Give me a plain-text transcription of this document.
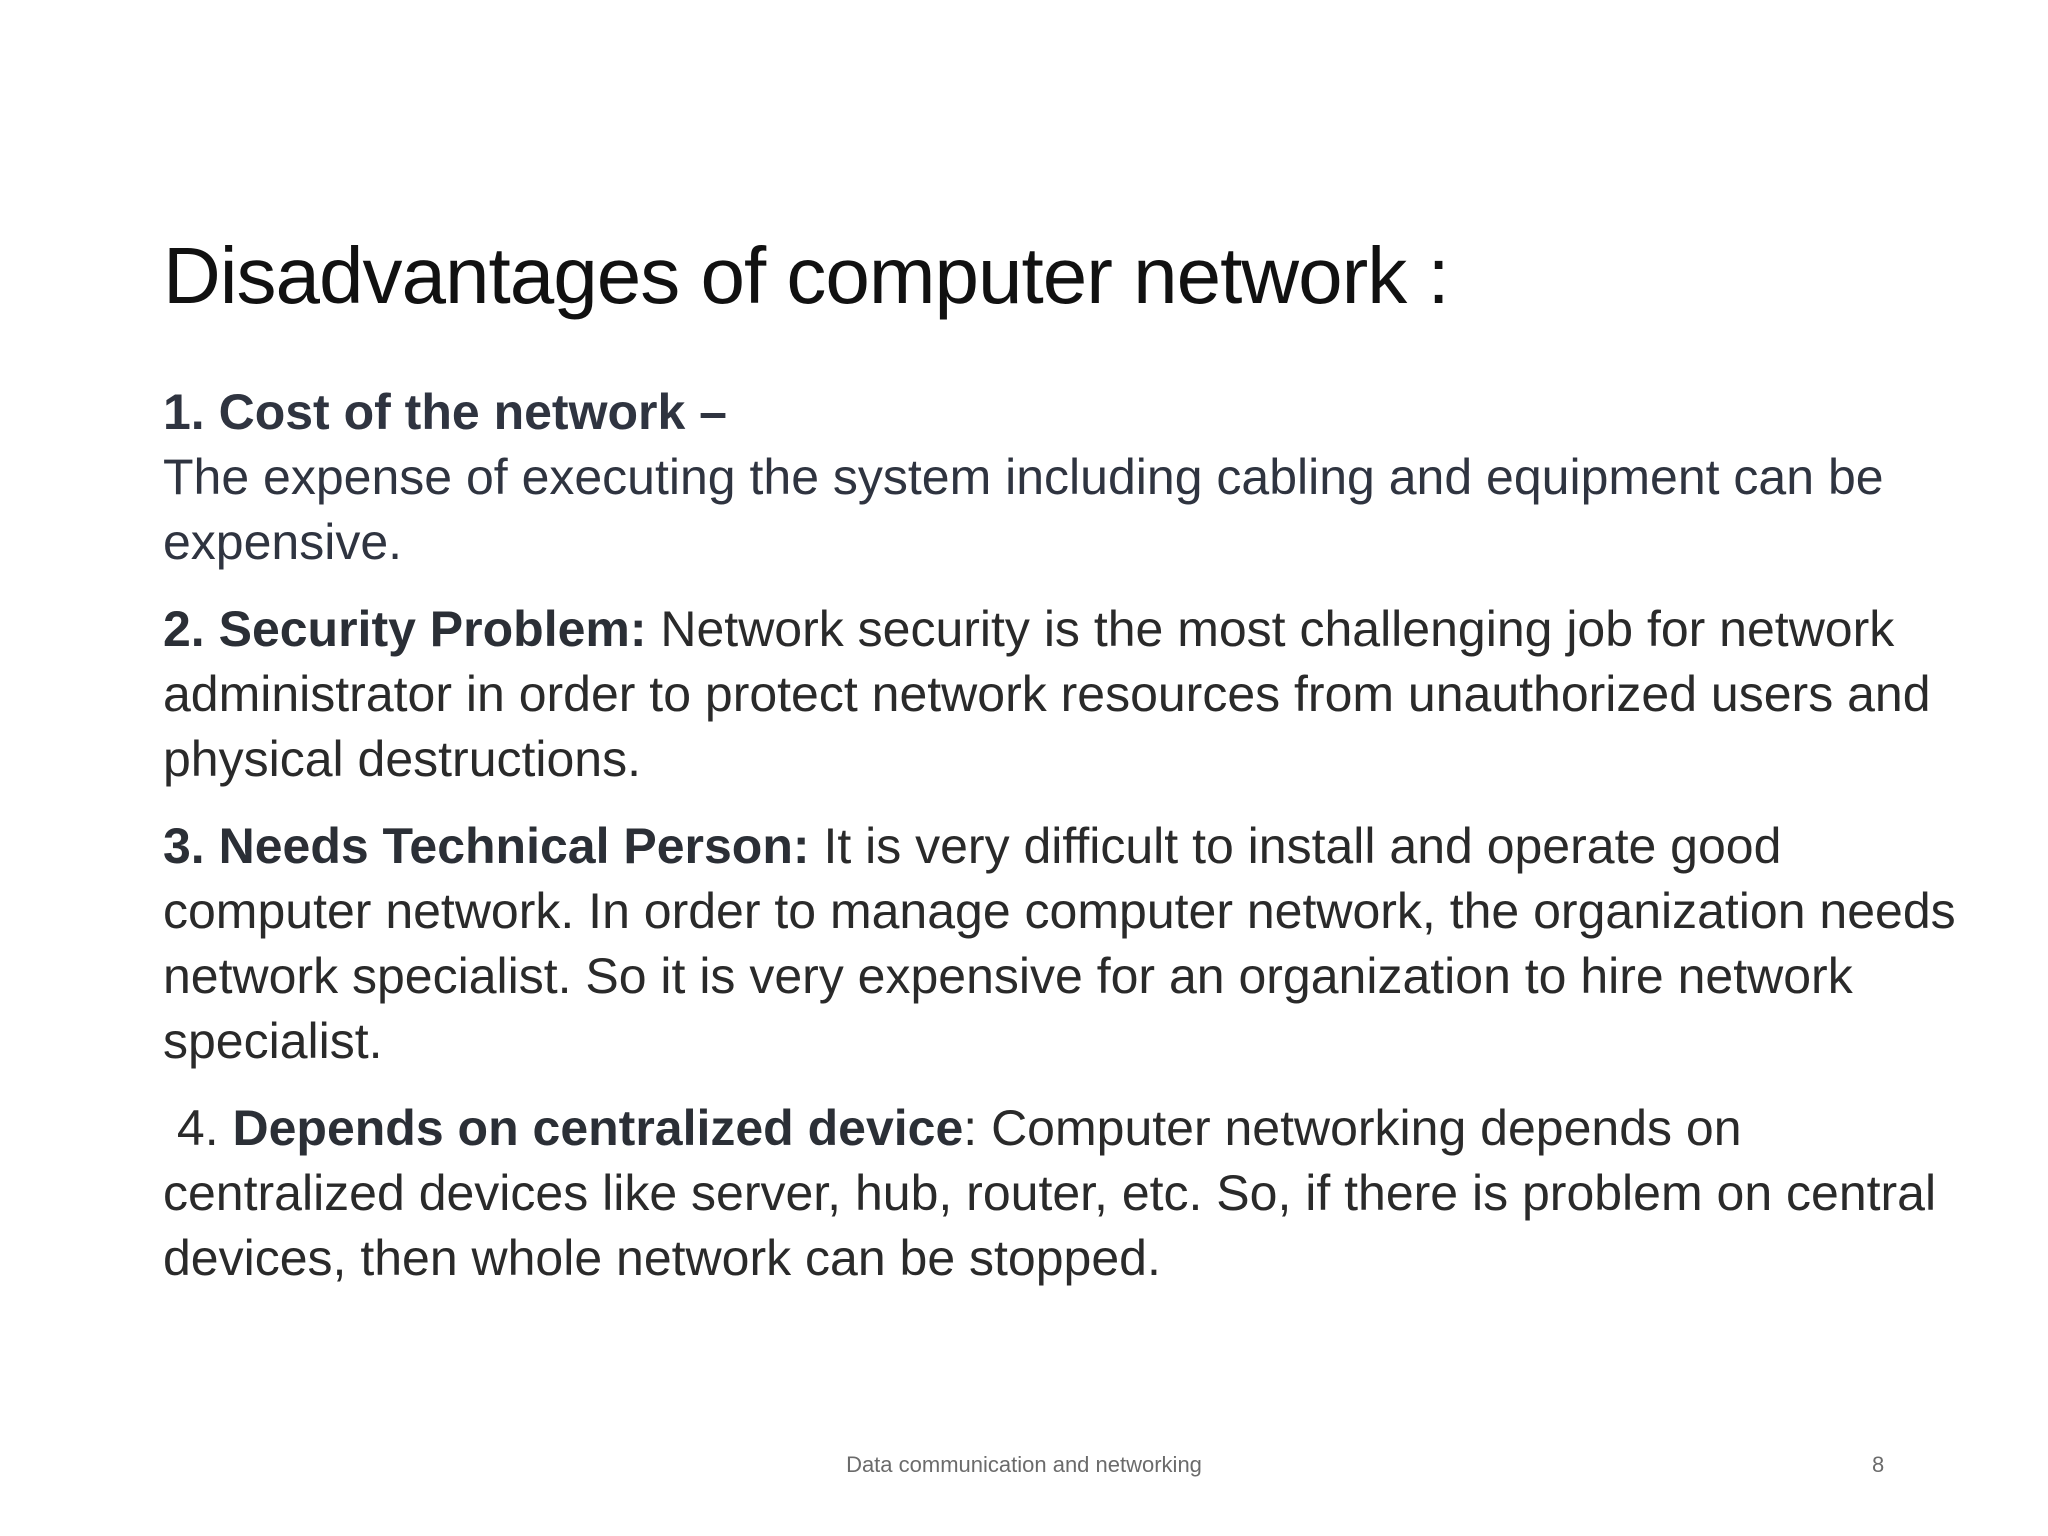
Disadvantages of computer network :
1. Cost of the network –
The expense of executing the system including cabling and equipment can be expensive.
2. Security Problem: Network security is the most challenging job for network administrator in order to protect network resources from unauthorized users and physical destructions.
3. Needs Technical Person: It is very difficult to install and operate good computer network. In order to manage computer network, the organization needs network specialist. So it is very expensive for an organization to hire network specialist.
4. Depends on centralized device: Computer networking depends on centralized devices like server, hub, router, etc. So, if there is problem on central devices, then whole network can be stopped.
Data communication and networking	8
